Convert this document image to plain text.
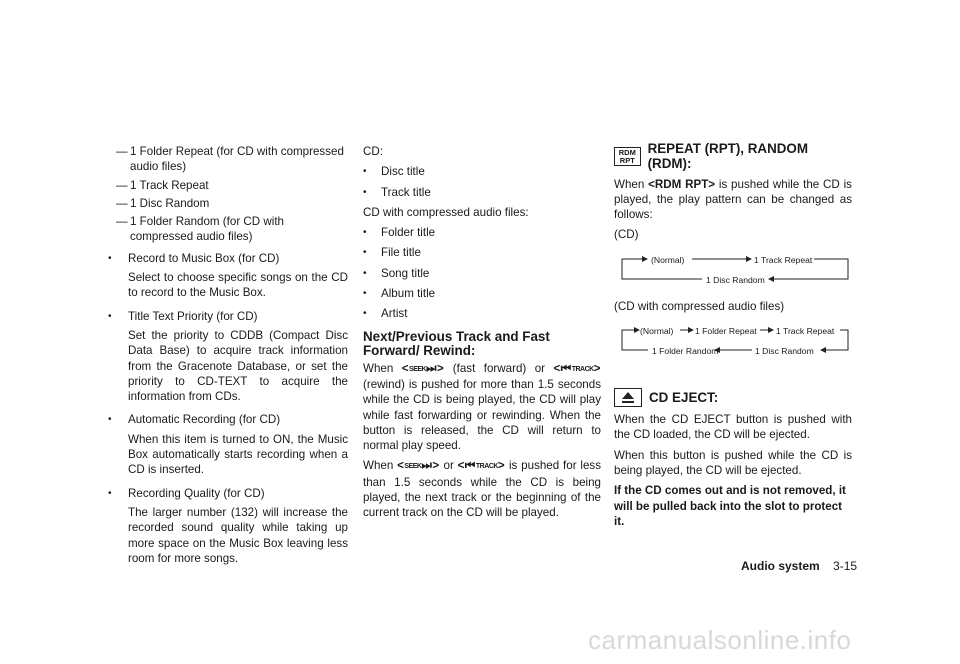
— 1 Folder Repeat (for CD with compressed audio files)

— 1 Track Repeat

— 1 Disc Random

— 1 Folder Random (for CD with compressed audio files)

• Record to Music Box (for CD)

Select to choose specific songs on the CD to record to the Music Box.

• Title Text Priority (for CD)

Set the priority to CDDB (Compact Disc Data Base) to acquire track information from the Gracenote Database, or set the priority to CD-TEXT to acquire the information from CDs.

• Automatic Recording (for CD)

When this item is turned to ON, the Music Box automatically starts recording when a CD is inserted.

• Recording Quality (for CD)

The larger number (132) will increase the recorded sound quality while taking up more space on the Music Box leaving less room for more songs.

CD:

• Disc title

• Track title

CD with compressed audio files:

• Folder title

• File title

• Song title

• Album title

• Artist

Next/Previous Track and Fast Forward/ Rewind:

When <SEEK⏭> (fast forward) or <⏮TRACK> (rewind) is pushed for more than 1.5 seconds while the CD is being played, the CD will play while fast forwarding or rewinding. When the button is released, the CD will return to normal play speed.

When <SEEK⏭> or <⏮TRACK> is pushed for less than 1.5 seconds while the CD is being played, the next track or the beginning of the current track on the CD will be played.

RDM
RPT
REPEAT (RPT), RANDOM (RDM):

When <RDM RPT> is pushed while the CD is played, the play pattern can be changed as follows:

(CD)

(Normal)	1 Track Repeat
1 Disc Random

(CD with compressed audio files)

(Normal)	1 Folder Repeat 1 Track Repeat
1 Folder Random	1 Disc Random
CD EJECT:

When the CD EJECT button is pushed with the CD loaded, the CD will be ejected.

When this button is pushed while the CD is being played, the CD will be ejected.

If the CD comes out and is not removed, it will be pulled back into the slot to protect it.

Audio system 3-15
carmanualsonline.info
